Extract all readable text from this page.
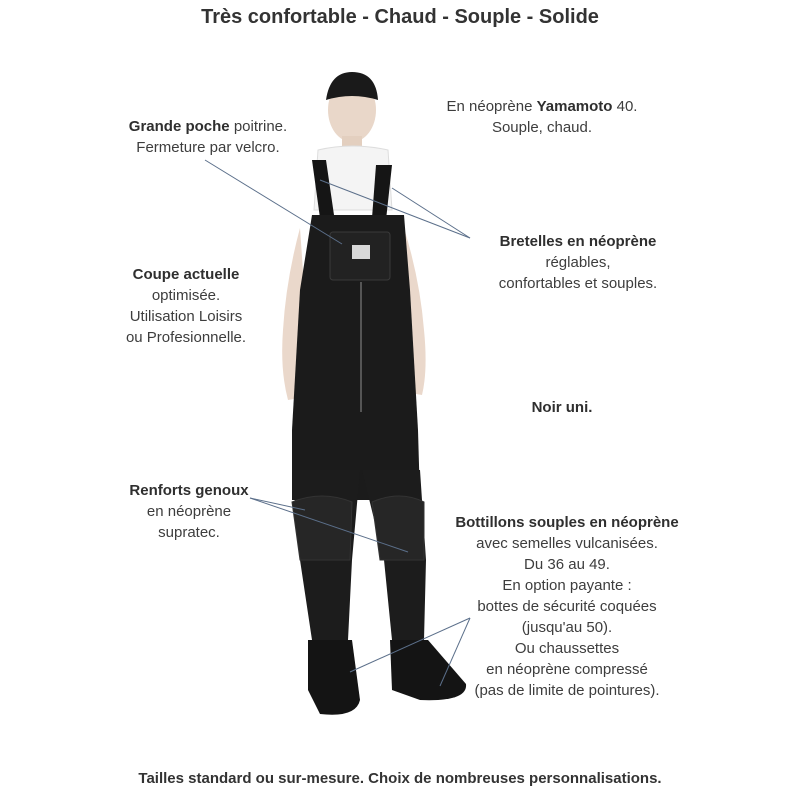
Très confortable - Chaud - Souple - Solide
Grande poche poitrine.
Fermeture par velcro.
En néoprène Yamamoto 40.
Souple, chaud.
Bretelles en néoprène
réglables,
confortables et souples.
Coupe actuelle
optimisée.
Utilisation Loisirs
ou Profesionnelle.
Noir uni.
Renforts genoux
en néoprène
supratec.
Bottillons souples en néoprène
avec semelles vulcanisées.
Du 36 au 49.
En option payante :
bottes de sécurité coquées
(jusqu'au 50).
Ou chaussettes
en néoprène compressé
(pas de limite de pointures).
Tailles standard ou sur-mesure. Choix de nombreuses personnalisations.
